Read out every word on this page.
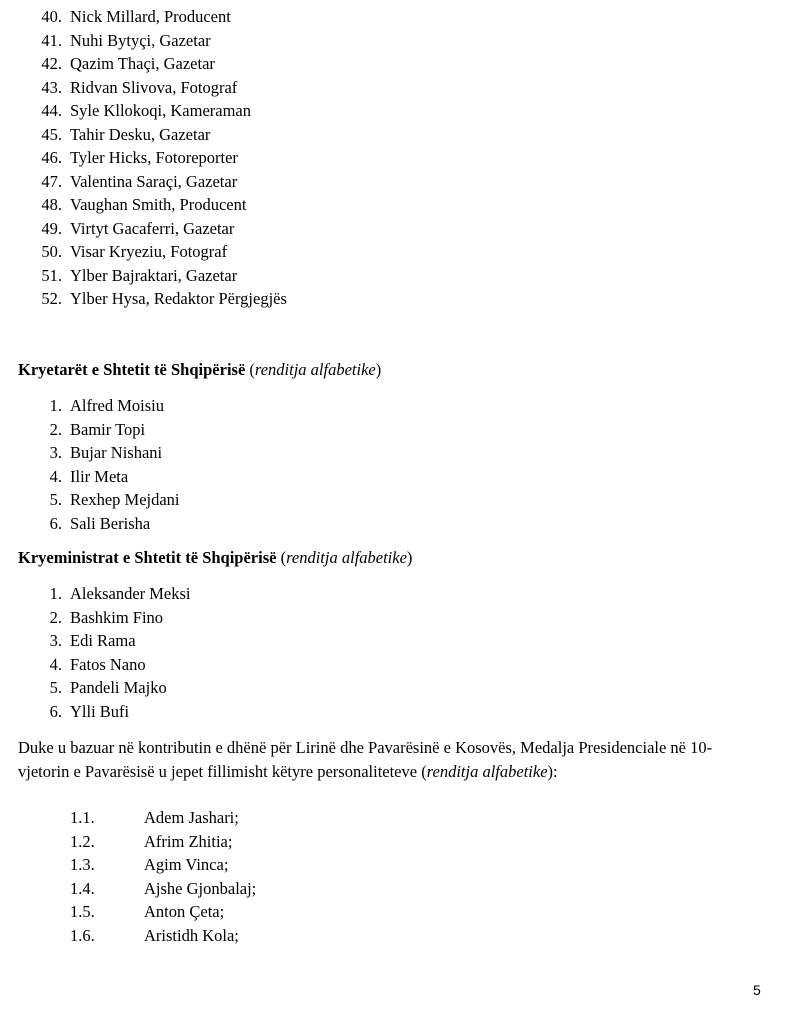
40. Nick Millard, Producent
41. Nuhi Bytyçi, Gazetar
42. Qazim Thaçi, Gazetar
43. Ridvan Slivova, Fotograf
44. Syle Kllokoqi, Kameraman
45. Tahir Desku, Gazetar
46. Tyler Hicks, Fotoreporter
47. Valentina Saraçi, Gazetar
48. Vaughan Smith, Producent
49. Virtyt Gacaferri, Gazetar
50. Visar Kryeziu, Fotograf
51. Ylber Bajraktari, Gazetar
52. Ylber Hysa, Redaktor Përgjegjës
Kryetarët e Shtetit të Shqipërisë (renditja alfabetike)
1. Alfred Moisiu
2. Bamir Topi
3. Bujar Nishani
4. Ilir Meta
5. Rexhep Mejdani
6. Sali Berisha
Kryeministrat e Shtetit të Shqipërisë (renditja alfabetike)
1. Aleksander Meksi
2. Bashkim Fino
3. Edi Rama
4. Fatos Nano
5. Pandeli Majko
6. Ylli Bufi

Duke u bazuar në kontributin e dhënë për Lirinë dhe Pavarësinë e Kosovës, Medalja Presidenciale në 10-
vjetorin e Pavarësisë u jepet fillimisht këtyre personaliteteve (renditja alfabetike):

1.1.	Adem Jashari;
1.2.	Afrim Zhitia;
1.3.	Agim Vinca;
1.4.	Ajshe Gjonbalaj;
1.5.	Anton Çeta;
1.6.	Aristidh Kola;
5
